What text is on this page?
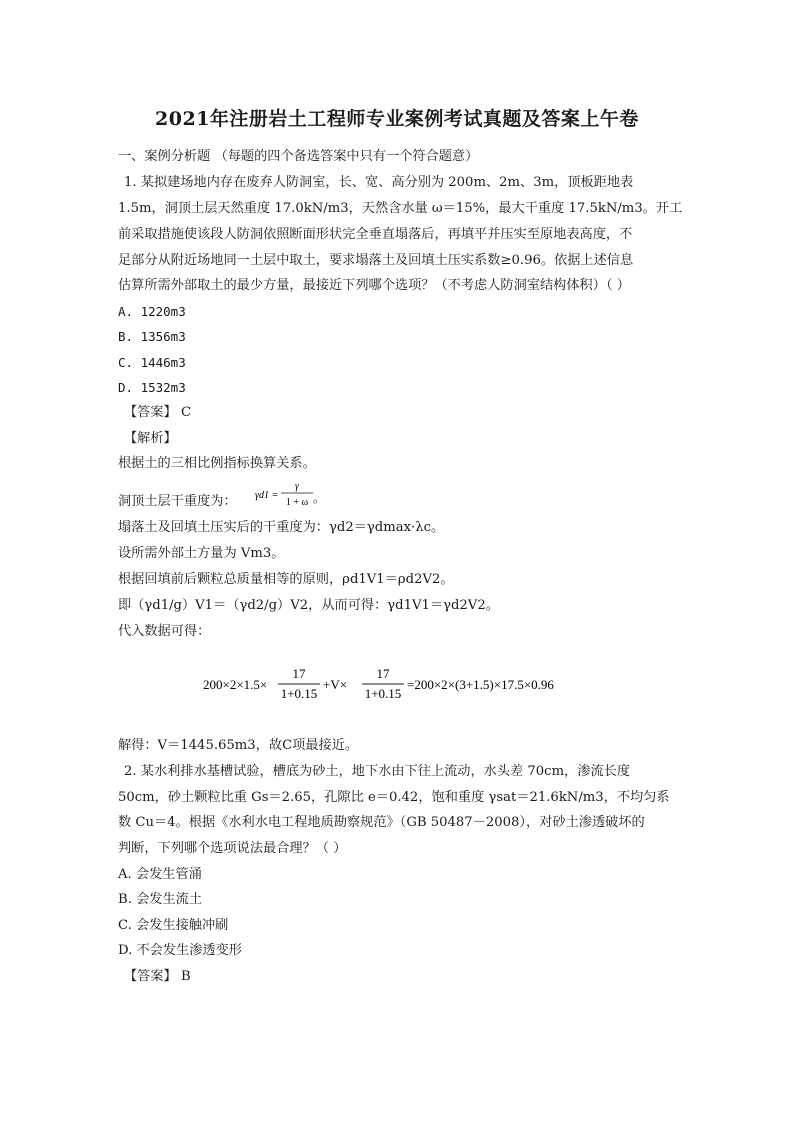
2021年注册岩土工程师专业案例考试真题及答案上午卷
一、案例分析题 （每题的四个备选答案中只有一个符合题意）
1. 某拟建场地内存在废弃人防洞室，长、宽、高分别为 200m、2m、3m，顶板距地表
1.5m，洞顶土层天然重度 17.0kN/m3，天然含水量 ω＝15%，最大干重度 17.5kN/m3。开工
前采取措施使该段人防洞依照断面形状完全垂直塌落后，再填平并压实至原地表高度，不
足部分从附近场地同一土层中取土，要求塌落土及回填土压实系数≥0.96。依据上述信息
估算所需外部取土的最少方量，最接近下列哪个选项？（不考虑人防洞室结构体积）（ ）
A. 1220m3
B. 1356m3
C. 1446m3
D. 1532m3
【答案】 C
【解析】
根据土的三相比例指标换算关系。
洞顶土层干重度为： γd1 =
γ
1 + ω 。
塌落土及回填土压实后的干重度为：γd2＝γdmax·λc。
设所需外部土方量为 Vm3。
根据回填前后颗粒总质量相等的原则，ρd1V1＝ρd2V2。
即（γd1/g）V1＝（γd2/g）V2，从而可得：γd1V1＝γd2V2。
代入数据可得：
200×2×1.5×
17
1+0.15
+V×
17
1+0.15
=200×2×(3+1.5)×17.5×0.96
解得：V＝1445.65m3，故C项最接近。
2. 某水利排水基槽试验，槽底为砂土，地下水由下往上流动，水头差 70cm，渗流长度
50cm，砂土颗粒比重 Gs＝2.65，孔隙比 e＝0.42，饱和重度 γsat＝21.6kN/m3，不均匀系
数 Cu＝4。根据《水利水电工程地质勘察规范》（GB 50487－2008），对砂土渗透破坏的
判断，下列哪个选项说法最合理？（ ）
A. 会发生管涌
B. 会发生流土
C. 会发生接触冲刷
D. 不会发生渗透变形
【答案】 B
